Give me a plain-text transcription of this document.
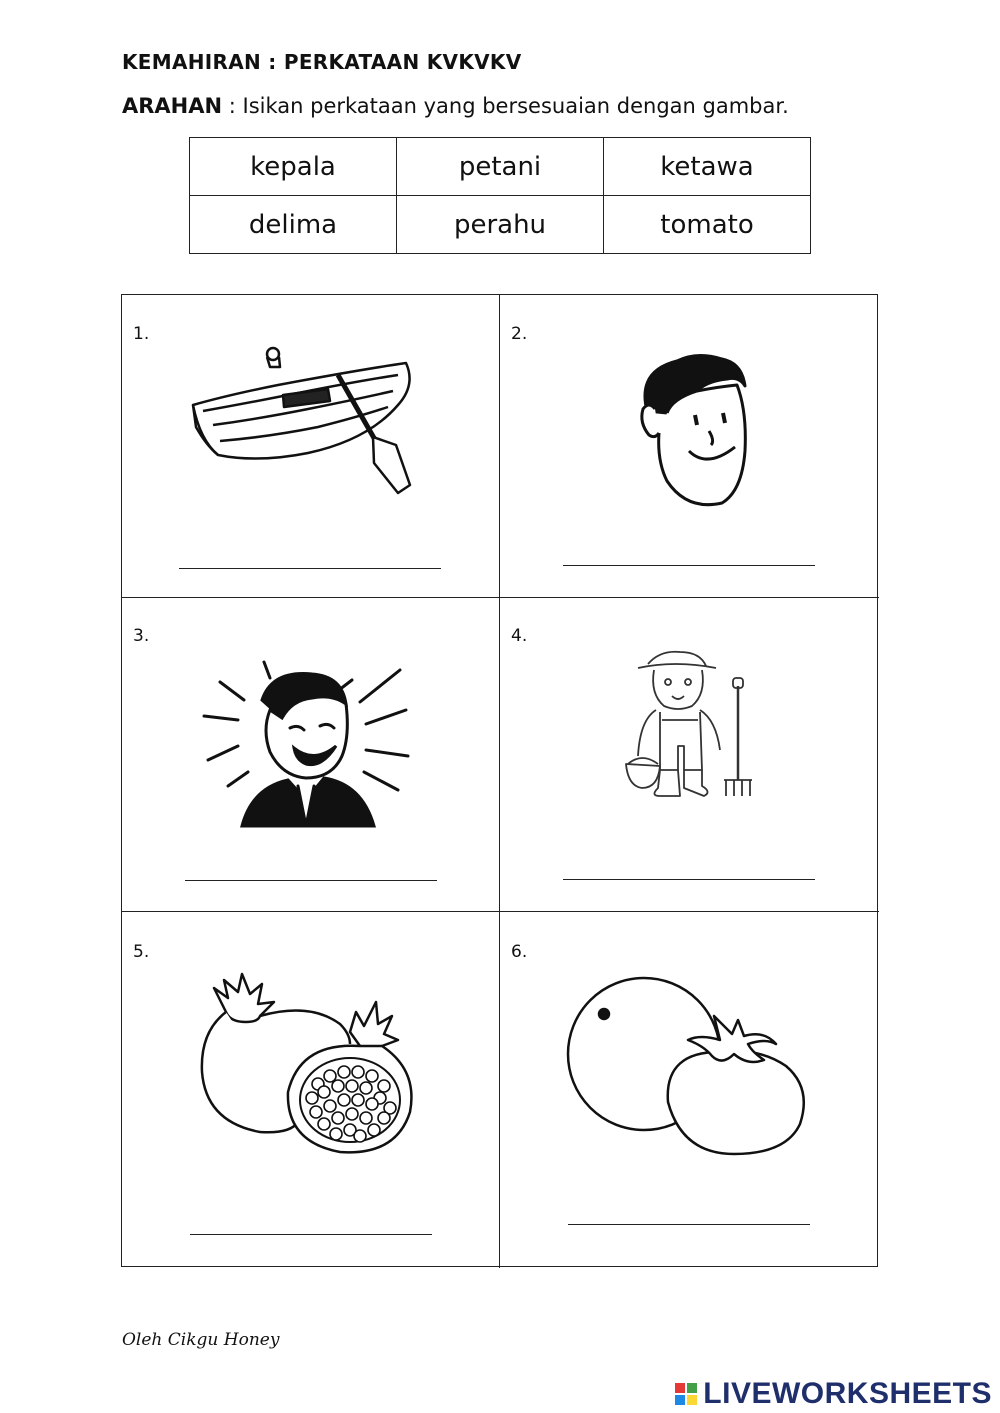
KEMAHIRAN : PERKATAAN KVKVKV
ARAHAN : Isikan perkataan yang bersesuaian dengan gambar.
kepala	petani	ketawa
delima	perahu	tomato
1.	2.
3.	4.
5.	6.
Oleh Cikgu Honey
LIVEWORKSHEETS
